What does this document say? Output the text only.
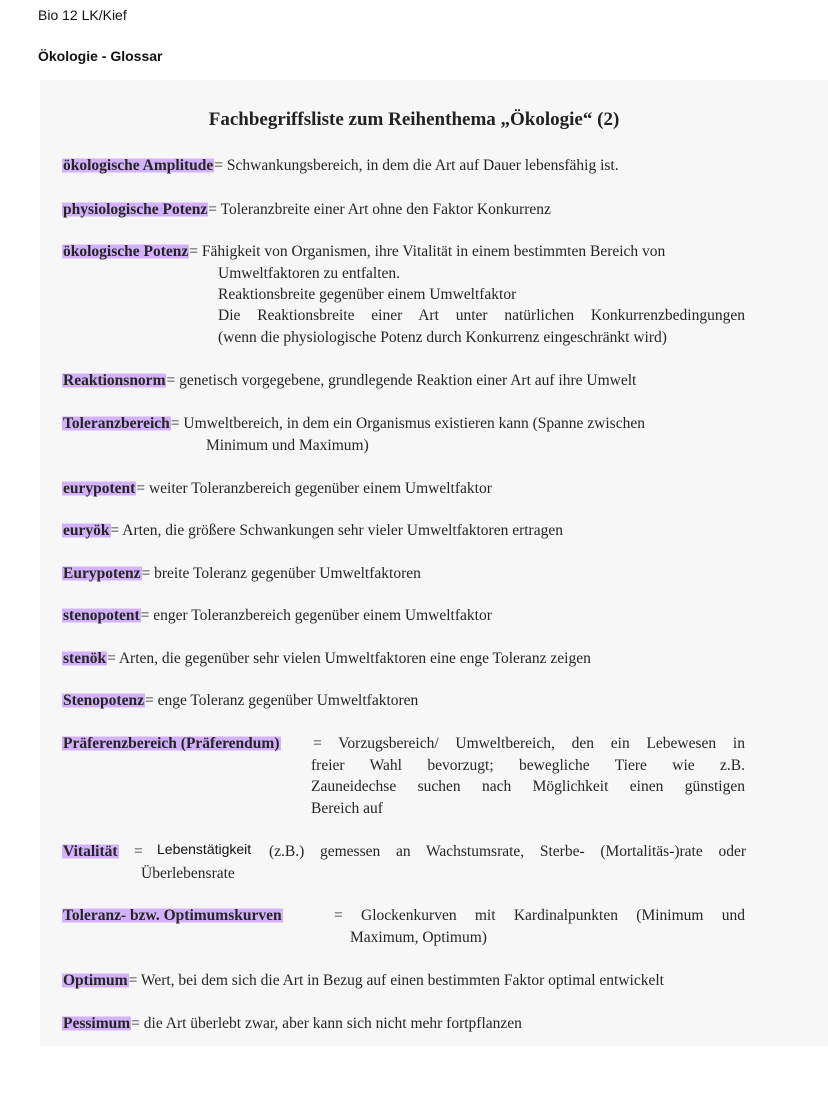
Bio 12 LK/Kief
Ökologie - Glossar
Fachbegriffsliste zum Reihenthema „Ökologie“ (2)
ökologische Amplitude= Schwankungsbereich, in dem die Art auf Dauer lebensfähig ist.
physiologische Potenz= Toleranzbreite einer Art ohne den Faktor Konkurrenz
ökologische Potenz= Fähigkeit von Organismen, ihre Vitalität in einem bestimmten Bereich von
Umweltfaktoren zu entfalten.
Reaktionsbreite gegenüber einem Umweltfaktor
Die Reaktionsbreite einer Art unter natürlichen Konkurrenzbedingungen
(wenn die physiologische Potenz durch Konkurrenz eingeschränkt wird)
Reaktionsnorm= genetisch vorgegebene, grundlegende Reaktion einer Art auf ihre Umwelt
Toleranzbereich= Umweltbereich, in dem ein Organismus existieren kann (Spanne zwischen
Minimum und Maximum)
eurypotent= weiter Toleranzbereich gegenüber einem Umweltfaktor
euryök= Arten, die größere Schwankungen sehr vieler Umweltfaktoren ertragen
Eurypotenz= breite Toleranz gegenüber Umweltfaktoren
stenopotent= enger Toleranzbereich gegenüber einem Umweltfaktor
stenök= Arten, die gegenüber sehr vielen Umweltfaktoren eine enge Toleranz zeigen
Stenopotenz= enge Toleranz gegenüber Umweltfaktoren
Präferenzbereich (Präferendum) = Vorzugsbereich/ Umweltbereich, den ein Lebewesen in
freier Wahl bevorzugt; bewegliche Tiere wie z.B.
Zauneidechse suchen nach Möglichkeit einen günstigen
Bereich auf
Vitalität = Lebenstätigkeit (z.B.) gemessen an Wachstumsrate, Sterbe- (Mortalitäs-)rate oder
Überlebensrate
Toleranz- bzw. Optimumskurven	= Glockenkurven mit Kardinalpunkten (Minimum und
Maximum, Optimum)
Optimum= Wert, bei dem sich die Art in Bezug auf einen bestimmten Faktor optimal entwickelt
Pessimum= die Art überlebt zwar, aber kann sich nicht mehr fortpflanzen
